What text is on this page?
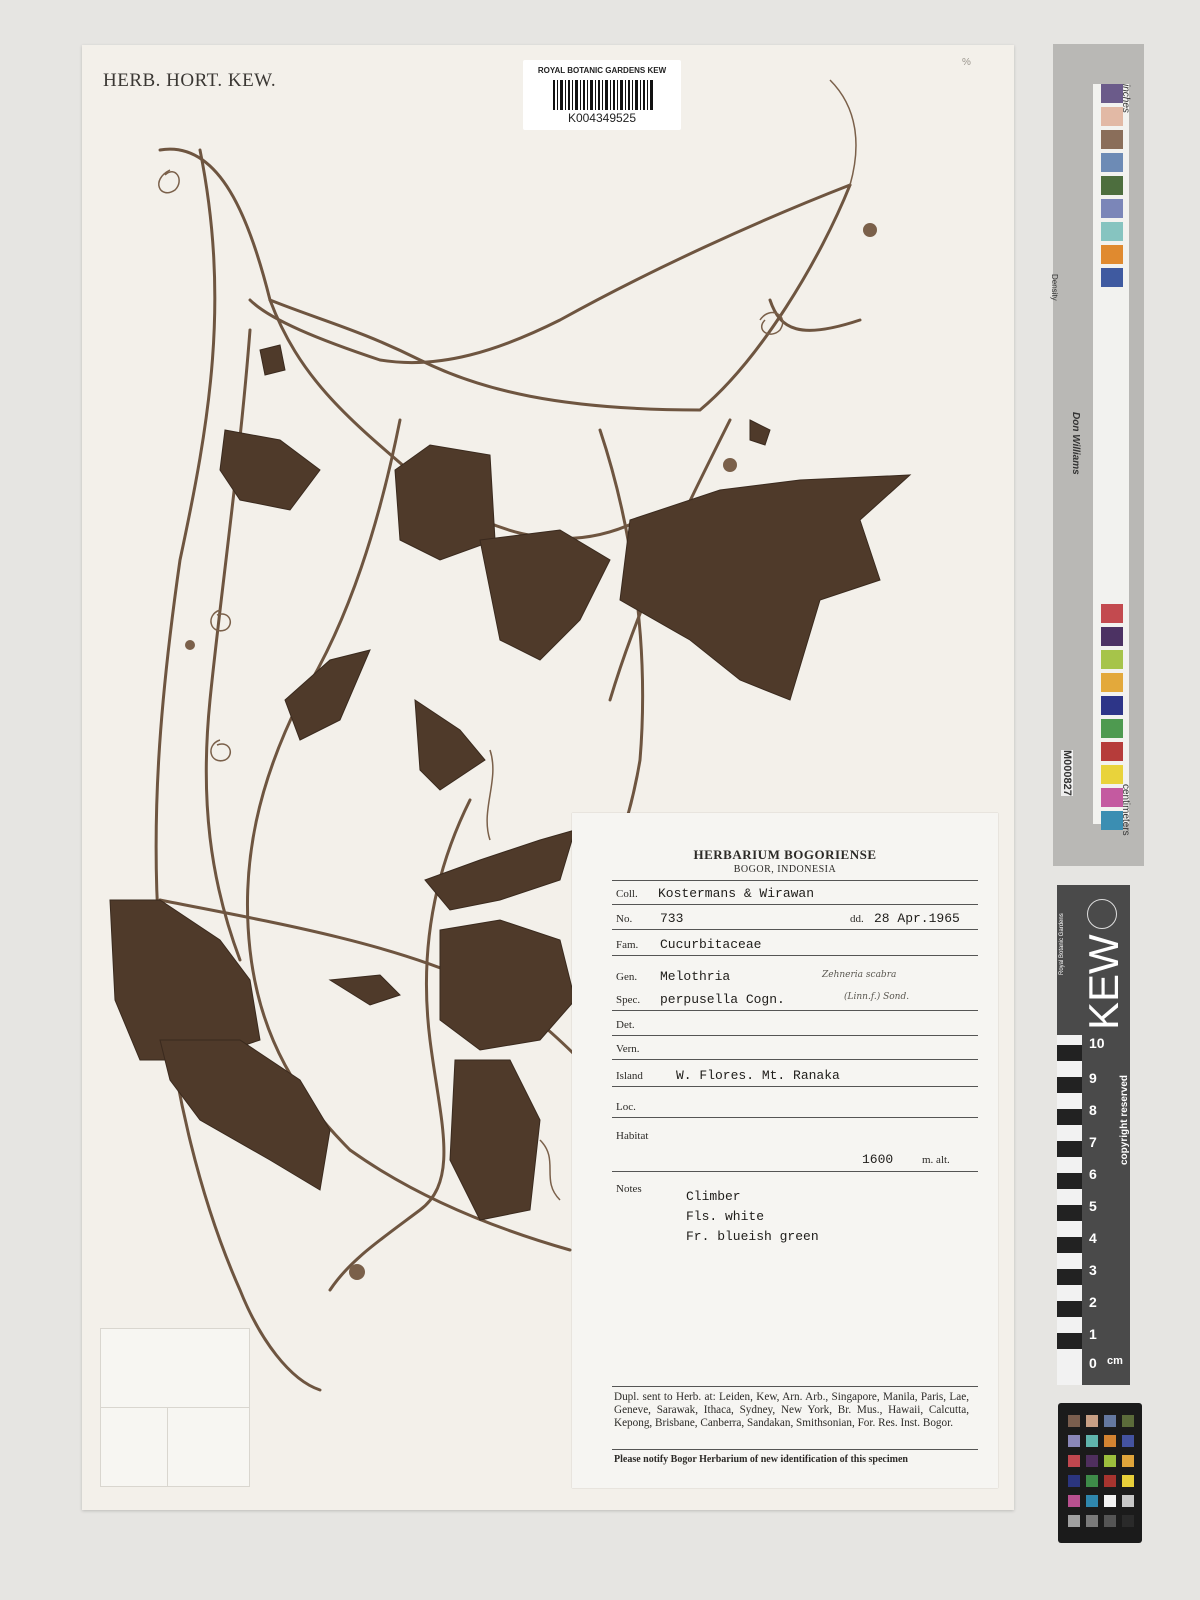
HERB. HORT. KEW.
%
ROYAL BOTANIC GARDENS KEW
K004349525
HERBARIUM BOGORIENSE
BOGOR, INDONESIA
Coll. Kostermans & Wirawan
No. 733	dd. 28 Apr.1965
Fam. Cucurbitaceae
Gen. Melothria
Spec. perpusella Cogn.
Zehneria scabra
(Linn.f.) Sond.
Det.
Vern.
Island	W. Flores. Mt. Ranaka
Loc.
Habitat
1600	m. alt.
Notes	Climber
Fls. white
Fr. blueish green
Dupl. sent to Herb. at: Leiden, Kew, Arn. Arb., Singapore, Manila, Paris, Lae, Geneve, Sarawak, Ithaca, Sydney, New York, Br. Mus., Hawaii, Calcutta, Kepong, Brisbane, Canberra, Sandakan, Smithsonian, For. Res. Inst. Bogor.
Please notify Bogor Herbarium of new identification of this specimen
inches
centimeters
Density
Don Williams
M000827
10
9
8
7
6
5
4
3
2
1
0 cm
copyright reserved
Royal Botanic Gardens KEW
